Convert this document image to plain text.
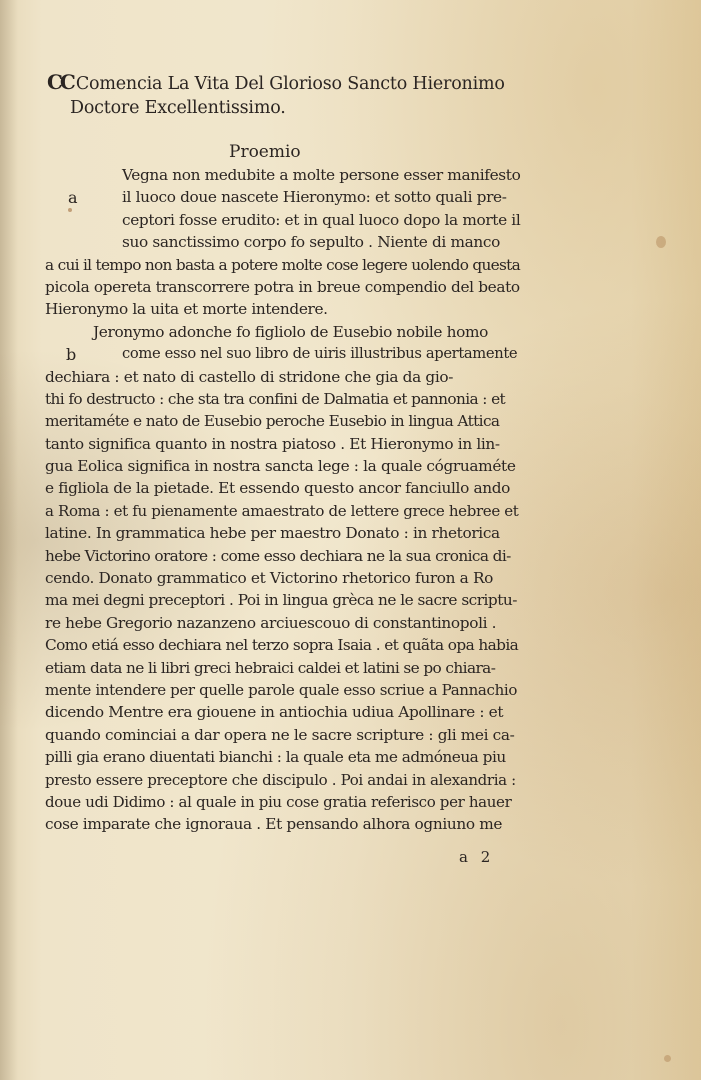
CC Comencia La Vita Del Glorioso Sancto Hieronimo
Doctore Excellentissimo.
Proemio
a
b
Vegna non medubite a molte persone esser manifesto
il luoco doue nascete Hieronymo: et sotto quali pre-
ceptori fosse erudito: et in qual luoco dopo la morte il
suo sanctissimo corpo fo sepulto . Niente di manco
a cui il tempo non basta a potere molte cose legere uolendo questa
picola opereta transcorrere potra in breue compendio del beato
Hieronymo la uita et morte intendere.
Jeronymo adonche fo figliolo de Eusebio nobile homo
come esso nel suo libro de uiris illustribus apertamente
dechiara : et nato di castello di stridone che gia da gio-
thi fo destructo : che sta tra confini de Dalmatia et pannonia : et
meritaméte e nato de Eusebio peroche Eusebio in lingua Attica
tanto significa quanto in nostra piatoso . Et Hieronymo in lin-
gua Eolica significa in nostra sancta lege : la quale cógruaméte
e figliola de la pietade. Et essendo questo ancor fanciullo ando
a Roma : et fu pienamente amaestrato de lettere grece hebree et
latine. In grammatica hebe per maestro Donato : in rhetorica
hebe Victorino oratore : come esso dechiara ne la sua cronica di-
cendo. Donato grammatico et Victorino rhetorico furon a Ro
ma mei degni preceptori . Poi in lingua grèca ne le sacre scriptu-
re hebe Gregorio nazanzeno arciuescouo di constantinopoli .
Como etiá esso dechiara nel terzo sopra Isaia . et quãta opa habia
etiam data ne li libri greci hebraici caldei et latini se po chiara-
mente intendere per quelle parole quale esso scriue a Pannachio
dicendo Mentre era giouene in antiochia udiua Apollinare : et
quando cominciai a dar opera ne le sacre scripture : gli mei ca-
pilli gia erano diuentati bianchi : la quale eta me admóneua piu
presto essere preceptore che discipulo . Poi andai in alexandria :
doue udi Didimo : al quale in piu cose gratia referisco per hauer
cose imparate che ignoraua . Et pensando alhora ogniuno me
a 2
